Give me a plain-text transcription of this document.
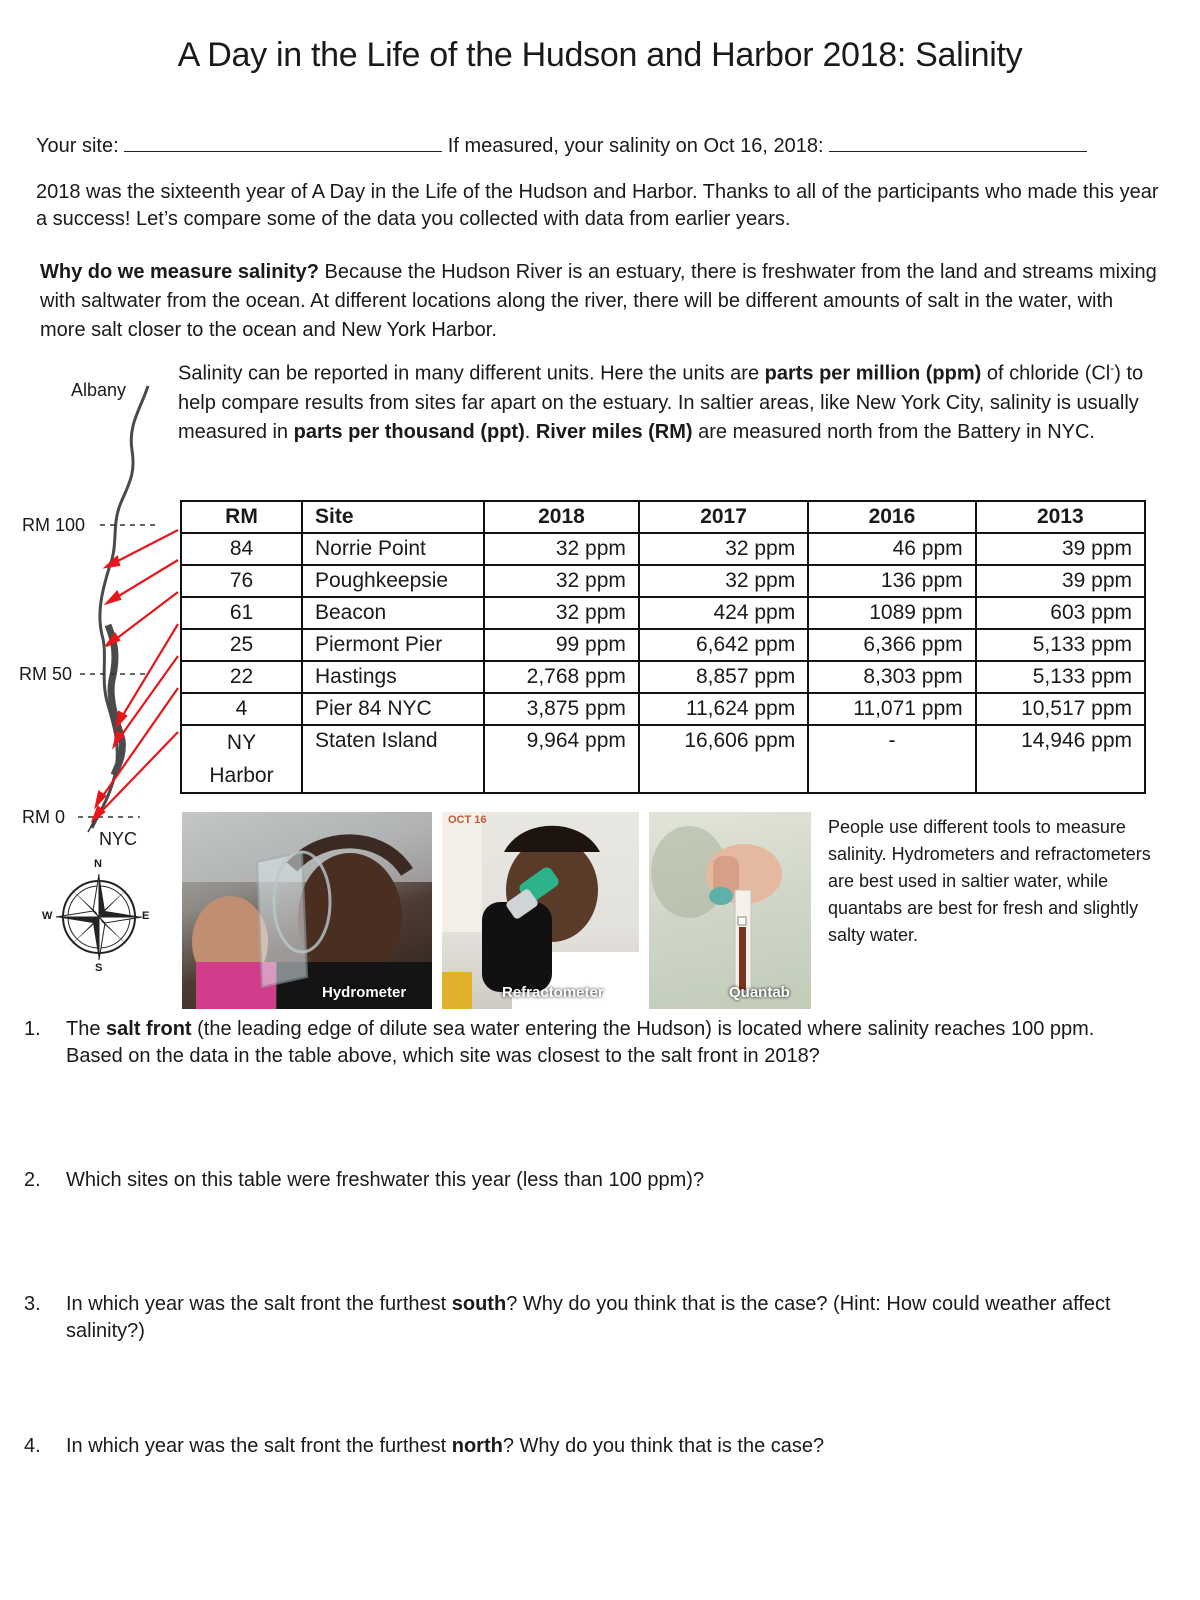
A Day in the Life of the Hudson and Harbor 2018: Salinity
Your site:	If measured, your salinity on Oct 16, 2018:
2018 was the sixteenth year of A Day in the Life of the Hudson and Harbor. Thanks to all of the participants who made this year a success! Let’s compare some of the data you collected with data from earlier years.
Why do we measure salinity? Because the Hudson River is an estuary, there is freshwater from the land and streams mixing with saltwater from the ocean. At different locations along the river, there will be different amounts of salt in the water, with more salt closer to the ocean and New York Harbor.
Salinity can be reported in many different units. Here the units are parts per million (ppm) of chloride (Cl-) to help compare results from sites far apart on the estuary. In saltier areas, like New York City, salinity is usually measured in parts per thousand (ppt). River miles (RM) are measured north from the Battery in NYC.
Albany
RM 100
RM 50
RM 0
NYC
N
S
W	E
RM	Site	2018	2017	2016	2013
84	Norrie Point	32 ppm	32 ppm	46 ppm	39 ppm
76	Poughkeepsie	32 ppm	32 ppm	136 ppm	39 ppm
61	Beacon	32 ppm	424 ppm	1089 ppm	603 ppm
25	Piermont Pier	99 ppm	6,642 ppm	6,366 ppm	5,133 ppm
22	Hastings	2,768 ppm	8,857 ppm	8,303 ppm	5,133 ppm
4	Pier 84 NYC	3,875 ppm	11,624 ppm	11,071 ppm	10,517 ppm
NY Harbor	Staten Island	9,964 ppm	16,606 ppm	-	14,946 ppm
Hydrometer
OCT 16
Refractometer	Quantab
People use different tools to measure salinity. Hydrometers and refractometers are best used in saltier water, while quantabs are best for fresh and slightly salty water.
1. The salt front (the leading edge of dilute sea water entering the Hudson) is located where salinity reaches 100 ppm. Based on the data in the table above, which site was closest to the salt front in 2018?
2. Which sites on this table were freshwater this year (less than 100 ppm)?
3. In which year was the salt front the furthest south? Why do you think that is the case? (Hint: How could weather affect salinity?)
4. In which year was the salt front the furthest north? Why do you think that is the case?
